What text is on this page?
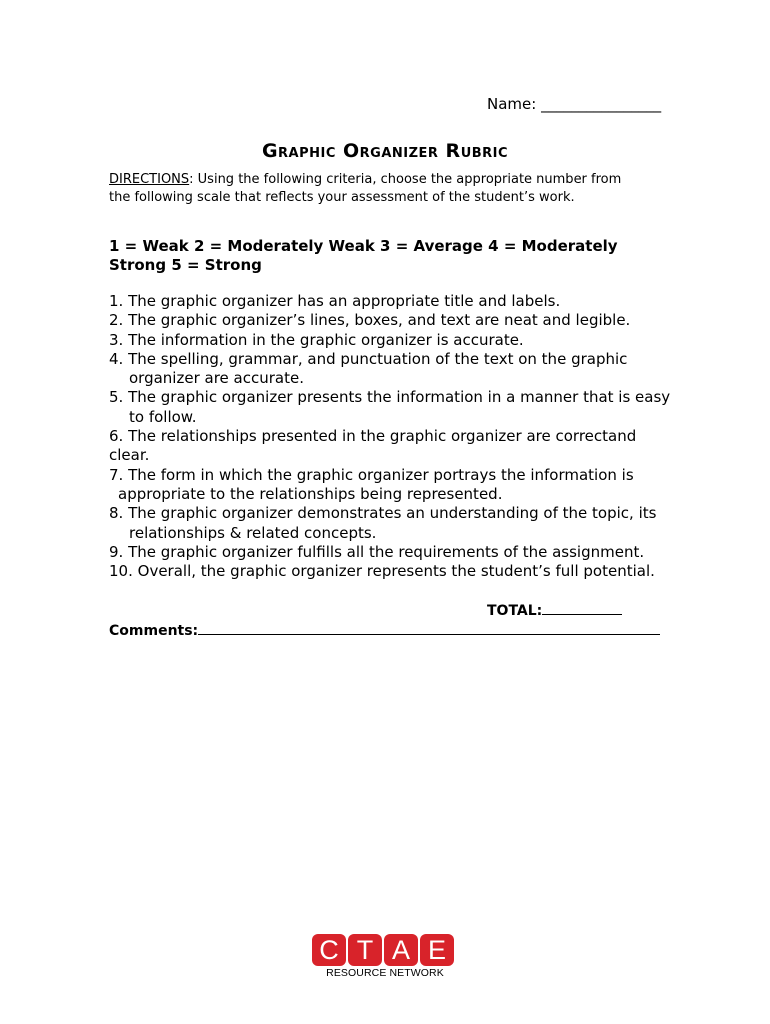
Name: ________________
Graphic Organizer Rubric
DIRECTIONS: Using the following criteria, choose the appropriate number from the following scale that reflects your assessment of the student’s work.
1 = Weak 2 = Moderately Weak 3 = Average 4 = Moderately Strong 5 = Strong
1. The graphic organizer has an appropriate title and labels.
2. The graphic organizer’s lines, boxes, and text are neat and legible.
3. The information in the graphic organizer is accurate.
4. The spelling, grammar, and punctuation of the text on the graphic organizer are accurate.
5. The graphic organizer presents the information in a manner that is easy to follow.
6. The relationships presented in the graphic organizer are correctand clear.
7. The form in which the graphic organizer portrays the information is appropriate to the relationships being represented.
8. The graphic organizer demonstrates an understanding of the topic, its relationships & related concepts.
9. The graphic organizer fulfills all the requirements of the assignment.
10. Overall, the graphic organizer represents the student’s full potential.
TOTAL:
Comments:
C T A E
RESOURCE NETWORK
